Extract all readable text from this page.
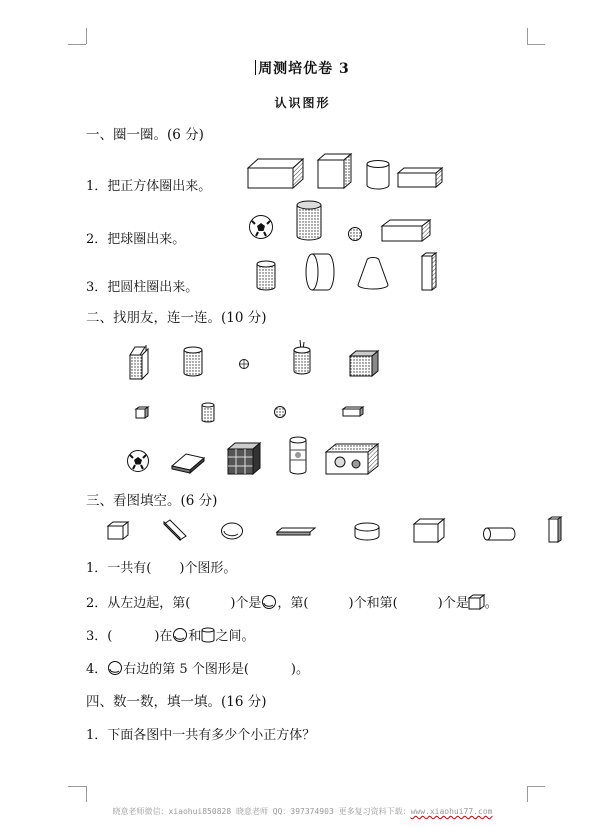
周测培优卷 3
认识图形
一、圈一圈。(6 分)
1．把正方体圈出来。
2．把球圈出来。
3．把圆柱圈出来。
二、找朋友，连一连。(10 分)
三、看图填空。(6 分)
1．一共有( )个图形。
2．从左边起，第(	)个是 ，第(	)个和第(	)个是 。
3．(	)在 和 之间。
4． 右边的第 5 个图形是(	)。
四、数一数，填一填。(16 分)
1．下面各图中一共有多少个小正方体？
晓意老师微信：xiaohui850828 晓意老师 QQ：397374903 更多复习资料下载：www.xiaohui77.com
